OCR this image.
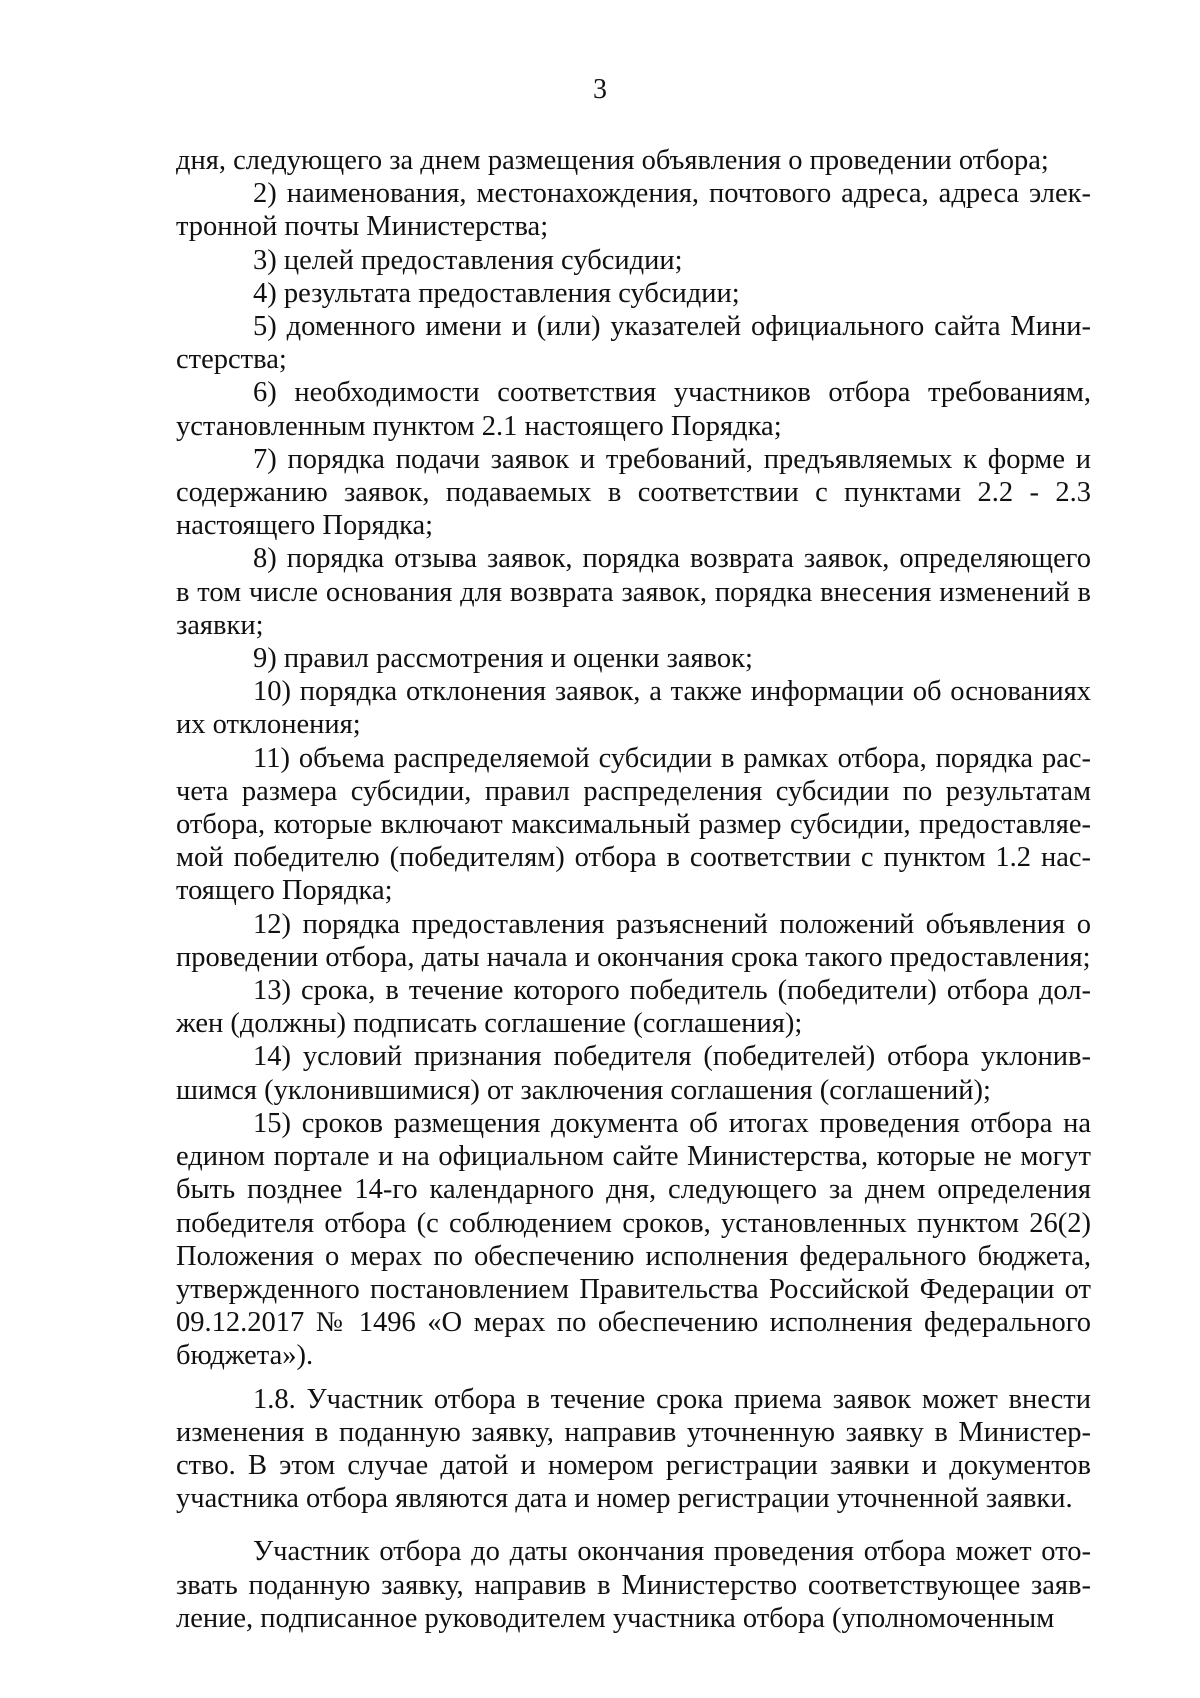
3

дня, следующего за днем размещения объявления о проведении отбора;

2) наименования, местонахождения, почтового адреса, адреса электронной почты Министерства;

3) целей предоставления субсидии;

4) результата предоставления субсидии;

5) доменного имени и (или) указателей официального сайта Министерства;

6) необходимости соответствия участников отбора требованиям, установленным пунктом 2.1 настоящего Порядка;

7) порядка подачи заявок и требований, предъявляемых к форме и содержанию заявок, подаваемых в соответствии с пунктами 2.2 - 2.3 настоящего Порядка;

8) порядка отзыва заявок, порядка возврата заявок, определяющего в том числе основания для возврата заявок, порядка внесения изменений в заявки;

9) правил рассмотрения и оценки заявок;

10) порядка отклонения заявок, а также информации об основаниях их отклонения;

11) объема распределяемой субсидии в рамках отбора, порядка расчета размера субсидии, правил распределения субсидии по результатам отбора, которые включают максимальный размер субсидии, предоставляемой победителю (победителям) отбора в соответствии с пунктом 1.2 настоящего Порядка;

12) порядка предоставления разъяснений положений объявления о проведении отбора, даты начала и окончания срока такого предоставления;

13) срока, в течение которого победитель (победители) отбора должен (должны) подписать соглашение (соглашения);

14) условий признания победителя (победителей) отбора уклонившимся (уклонившимися) от заключения соглашения (соглашений);

15) сроков размещения документа об итогах проведения отбора на едином портале и на официальном сайте Министерства, которые не могут быть позднее 14-го календарного дня, следующего за днем определения победителя отбора (с соблюдением сроков, установленных пунктом 26(2) Положения о мерах по обеспечению исполнения федерального бюджета, утвержденного постановлением Правительства Российской Федерации от 09.12.2017 № 1496 «О мерах по обеспечению исполнения федерального бюджета»).

1.8. Участник отбора в течение срока приема заявок может внести изменения в поданную заявку, направив уточненную заявку в Министерство. В этом случае датой и номером регистрации заявки и документов участника отбора являются дата и номер регистрации уточненной заявки.

Участник отбора до даты окончания проведения отбора может отозвать поданную заявку, направив в Министерство соответствующее заявление, подписанное руководителем участника отбора (уполномоченным
